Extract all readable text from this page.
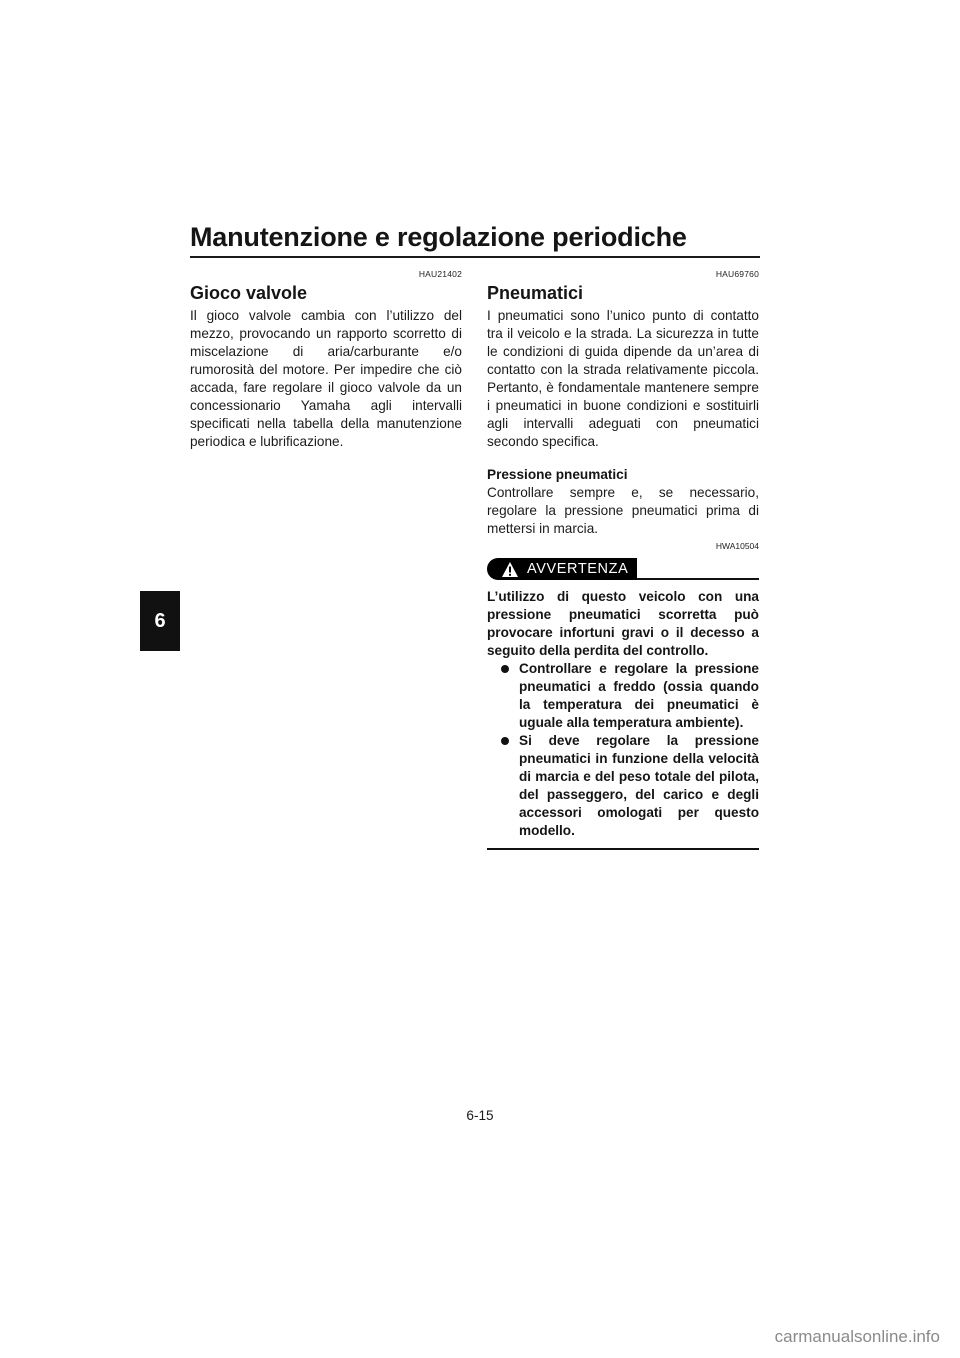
Manutenzione e regolazione periodiche
6
HAU21402
Gioco valvole
Il gioco valvole cambia con l’utilizzo del mezzo, provocando un rapporto scorretto di miscelazione di aria/carburante e/o rumorosità del motore. Per impedire che ciò accada, fare regolare il gioco valvole da un concessionario Yamaha agli intervalli specificati nella tabella della manutenzione periodica e lubrificazione.
HAU69760
Pneumatici
I pneumatici sono l’unico punto di contatto tra il veicolo e la strada. La sicurezza in tutte le condizioni di guida dipende da un’area di contatto con la strada relativamente piccola. Pertanto, è fondamentale mantenere sempre i pneumatici in buone condizioni e sostituirli agli intervalli adeguati con pneumatici secondo specifica.
Pressione pneumatici
Controllare sempre e, se necessario, regolare la pressione pneumatici prima di mettersi in marcia.
HWA10504
AVVERTENZA
L’utilizzo di questo veicolo con una pressione pneumatici scorretta può provocare infortuni gravi o il decesso a seguito della perdita del controllo.
Controllare e regolare la pressione pneumatici a freddo (ossia quando la temperatura dei pneumatici è uguale alla temperatura ambiente).
Si deve regolare la pressione pneumatici in funzione della velocità di marcia e del peso totale del pilota, del passeggero, del carico e degli accessori omologati per questo modello.
6-15
carmanualsonline.info
